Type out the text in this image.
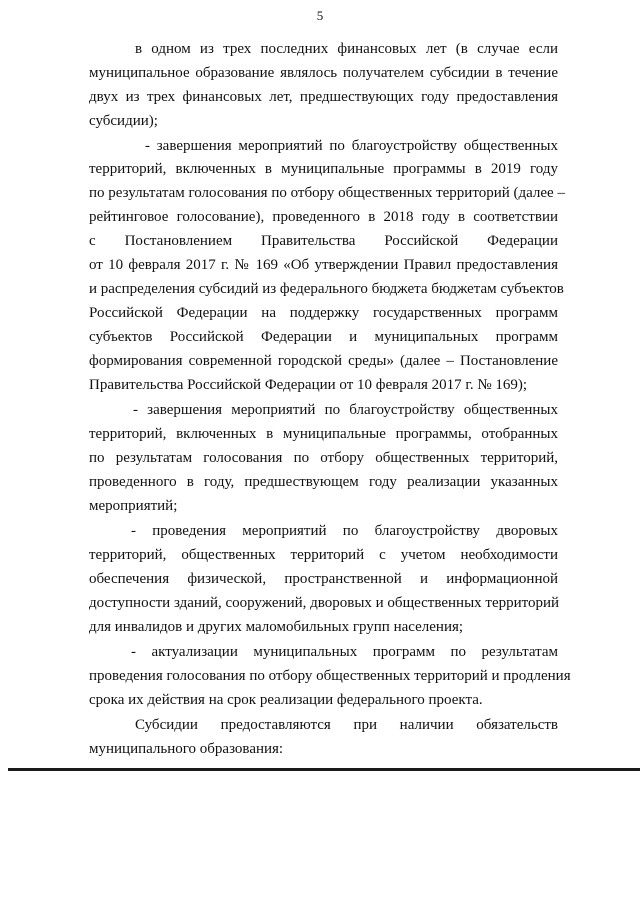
5
в одном из трех последних финансовых лет (в случае если
муниципальное образование являлось получателем субсидии в течение
двух из трех финансовых лет, предшествующих году предоставления
субсидии);
- завершения мероприятий по благоустройству общественных
территорий, включенных в муниципальные программы в 2019 году
по результатам голосования по отбору общественных территорий (далее –
рейтинговое голосование), проведенного в 2018 году в соответствии
с Постановлением Правительства Российской Федерации
от 10 февраля 2017 г. № 169 «Об утверждении Правил предоставления
и распределения субсидий из федерального бюджета бюджетам субъектов
Российской Федерации на поддержку государственных программ
субъектов Российской Федерации и муниципальных программ
формирования современной городской среды» (далее – Постановление
Правительства Российской Федерации от 10 февраля 2017 г. № 169);
- завершения мероприятий по благоустройству общественных
территорий, включенных в муниципальные программы, отобранных
по результатам голосования по отбору общественных территорий,
проведенного в году, предшествующем году реализации указанных
мероприятий;
- проведения мероприятий по благоустройству дворовых
территорий, общественных территорий с учетом необходимости
обеспечения физической, пространственной и информационной
доступности зданий, сооружений, дворовых и общественных территорий
для инвалидов и других маломобильных групп населения;
- актуализации муниципальных программ по результатам
проведения голосования по отбору общественных территорий и продления
срока их действия на срок реализации федерального проекта.
Субсидии предоставляются при наличии обязательств
муниципального образования:
